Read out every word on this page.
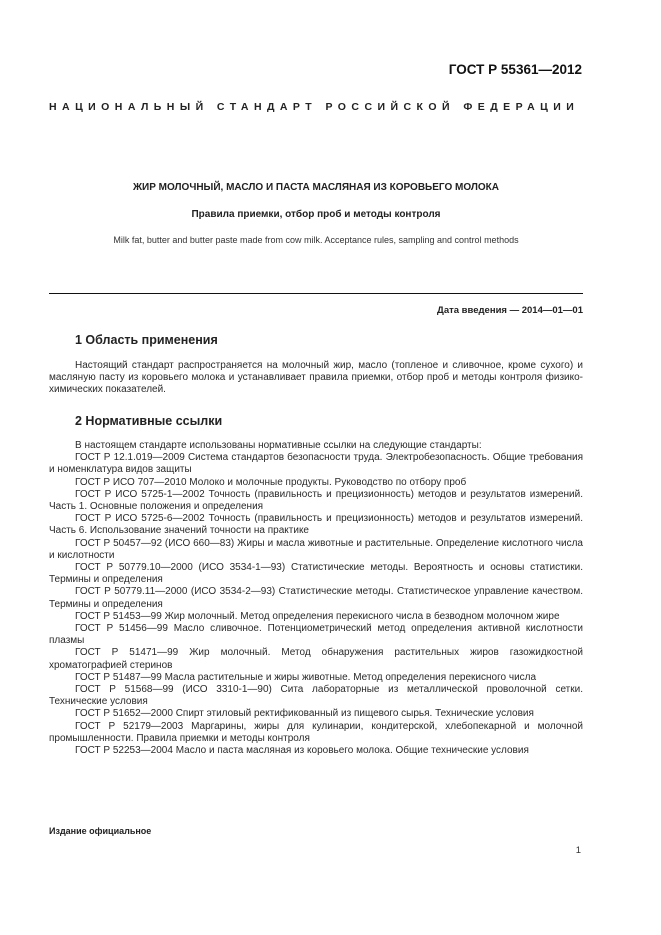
ГОСТ Р 55361—2012
НАЦИОНАЛЬНЫЙ СТАНДАРТ РОССИЙСКОЙ ФЕДЕРАЦИИ
ЖИР МОЛОЧНЫЙ, МАСЛО И ПАСТА МАСЛЯНАЯ ИЗ КОРОВЬЕГО МОЛОКА
Правила приемки, отбор проб и методы контроля
Milk fat, butter and butter paste made from cow milk. Acceptance rules, sampling and control methods
Дата введения — 2014—01—01
1 Область применения

Настоящий стандарт распространяется на молочный жир, масло (топленое и сливочное, кроме сухого) и масляную пасту из коровьего молока и устанавливает правила приемки, отбор проб и методы контроля физико-химических показателей.

2 Нормативные ссылки

В настоящем стандарте использованы нормативные ссылки на следующие стандарты:

ГОСТ Р 12.1.019—2009 Система стандартов безопасности труда. Электробезопасность. Общие требования и номенклатура видов защиты

ГОСТ Р ИСО 707—2010 Молоко и молочные продукты. Руководство по отбору проб

ГОСТ Р ИСО 5725-1—2002 Точность (правильность и прецизионность) методов и результатов измерений. Часть 1. Основные положения и определения

ГОСТ Р ИСО 5725-6—2002 Точность (правильность и прецизионность) методов и результатов измерений. Часть 6. Использование значений точности на практике

ГОСТ Р 50457—92 (ИСО 660—83) Жиры и масла животные и растительные. Определение кислотного числа и кислотности

ГОСТ Р 50779.10—2000 (ИСО 3534-1—93) Статистические методы. Вероятность и основы статистики. Термины и определения

ГОСТ Р 50779.11—2000 (ИСО 3534-2—93) Статистические методы. Статистическое управление качеством. Термины и определения

ГОСТ Р 51453—99 Жир молочный. Метод определения перекисного числа в безводном молочном жире

ГОСТ Р 51456—99 Масло сливочное. Потенциометрический метод определения активной кислотности плазмы

ГОСТ Р 51471—99 Жир молочный. Метод обнаружения растительных жиров газожидкостной хроматографией стеринов

ГОСТ Р 51487—99 Масла растительные и жиры животные. Метод определения перекисного числа

ГОСТ Р 51568—99 (ИСО 3310-1—90) Сита лабораторные из металлической проволочной сетки. Технические условия

ГОСТ Р 51652—2000 Спирт этиловый ректификованный из пищевого сырья. Технические условия

ГОСТ Р 52179—2003 Маргарины, жиры для кулинарии, кондитерской, хлебопекарной и молочной промышленности. Правила приемки и методы контроля

ГОСТ Р 52253—2004 Масло и паста масляная из коровьего молока. Общие технические условия

Издание официальное
1
